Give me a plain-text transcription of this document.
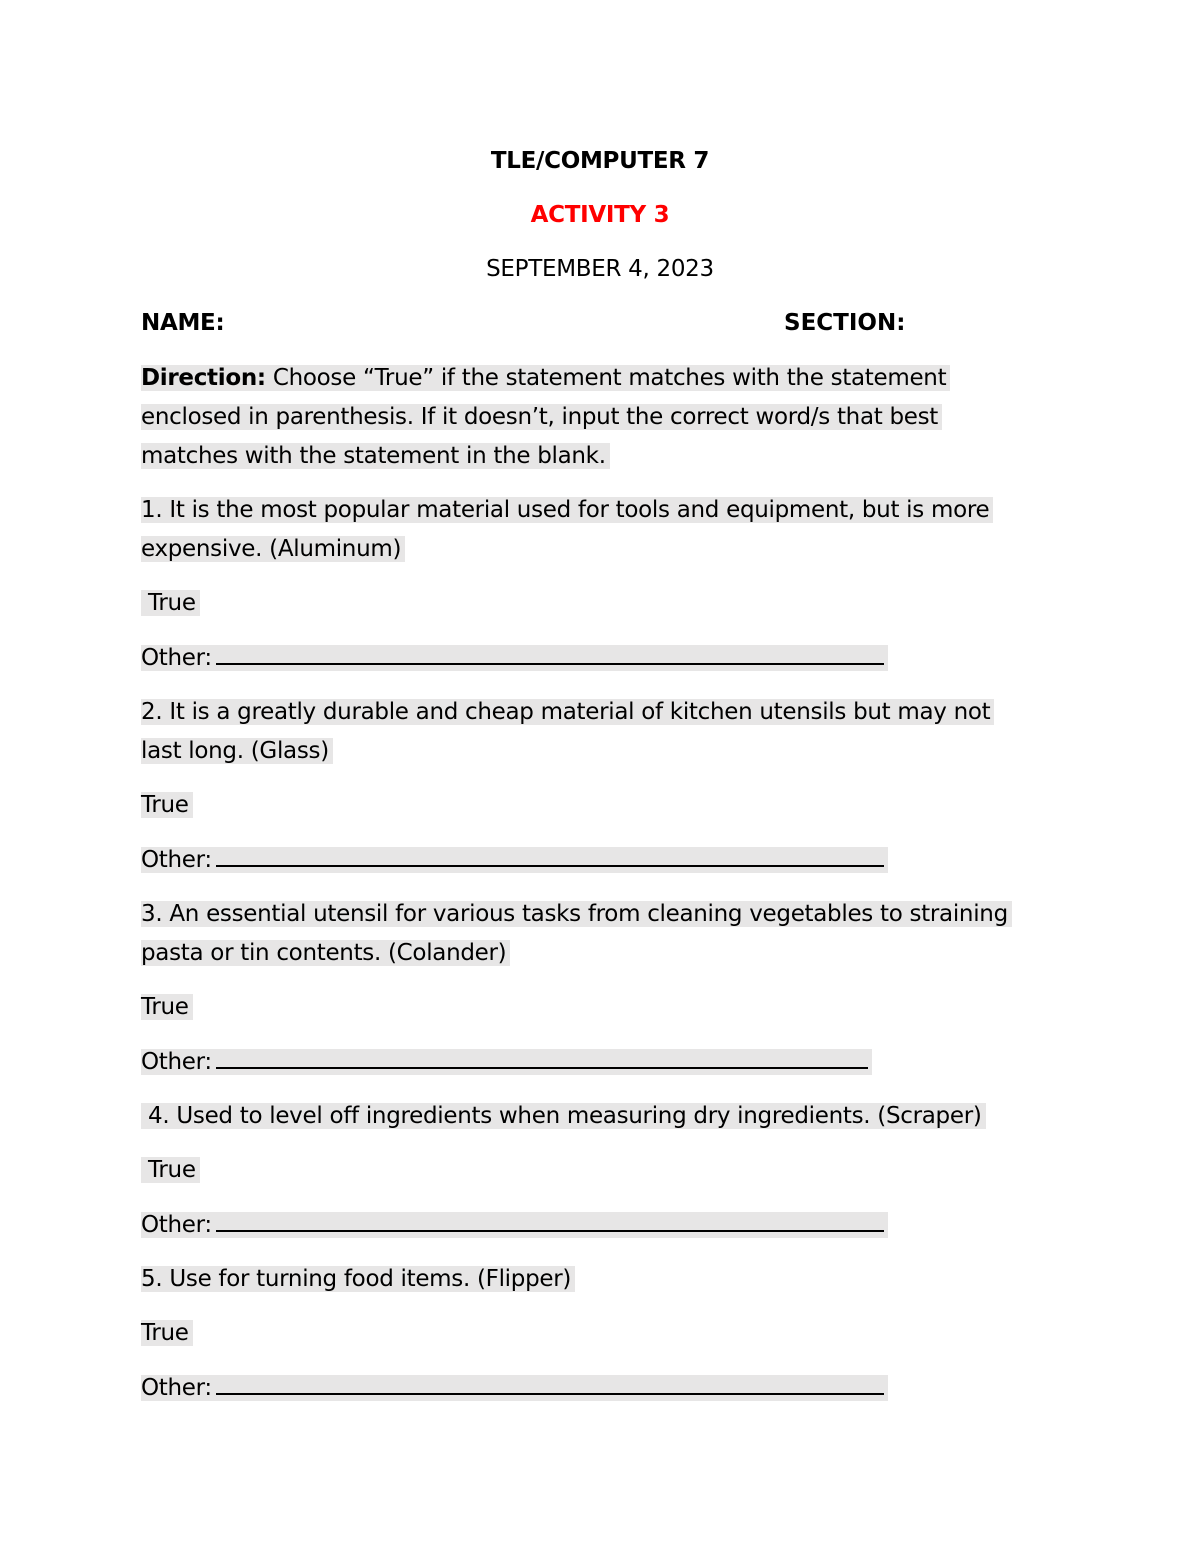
TLE/COMPUTER 7
ACTIVITY 3
SEPTEMBER 4, 2023
NAME:	SECTION:
Direction: Choose “True” if the statement matches with the statement
enclosed in parenthesis. If it doesn’t, input the correct word/s that best
matches with the statement in the blank.
1. It is the most popular material used for tools and equipment, but is more
expensive. (Aluminum)
True
Other:
2. It is a greatly durable and cheap material of kitchen utensils but may not
last long. (Glass)
True
Other:
3. An essential utensil for various tasks from cleaning vegetables to straining
pasta or tin contents. (Colander)
True
Other:
4. Used to level off ingredients when measuring dry ingredients. (Scraper)
True
Other:
5. Use for turning food items. (Flipper)
True
Other:
